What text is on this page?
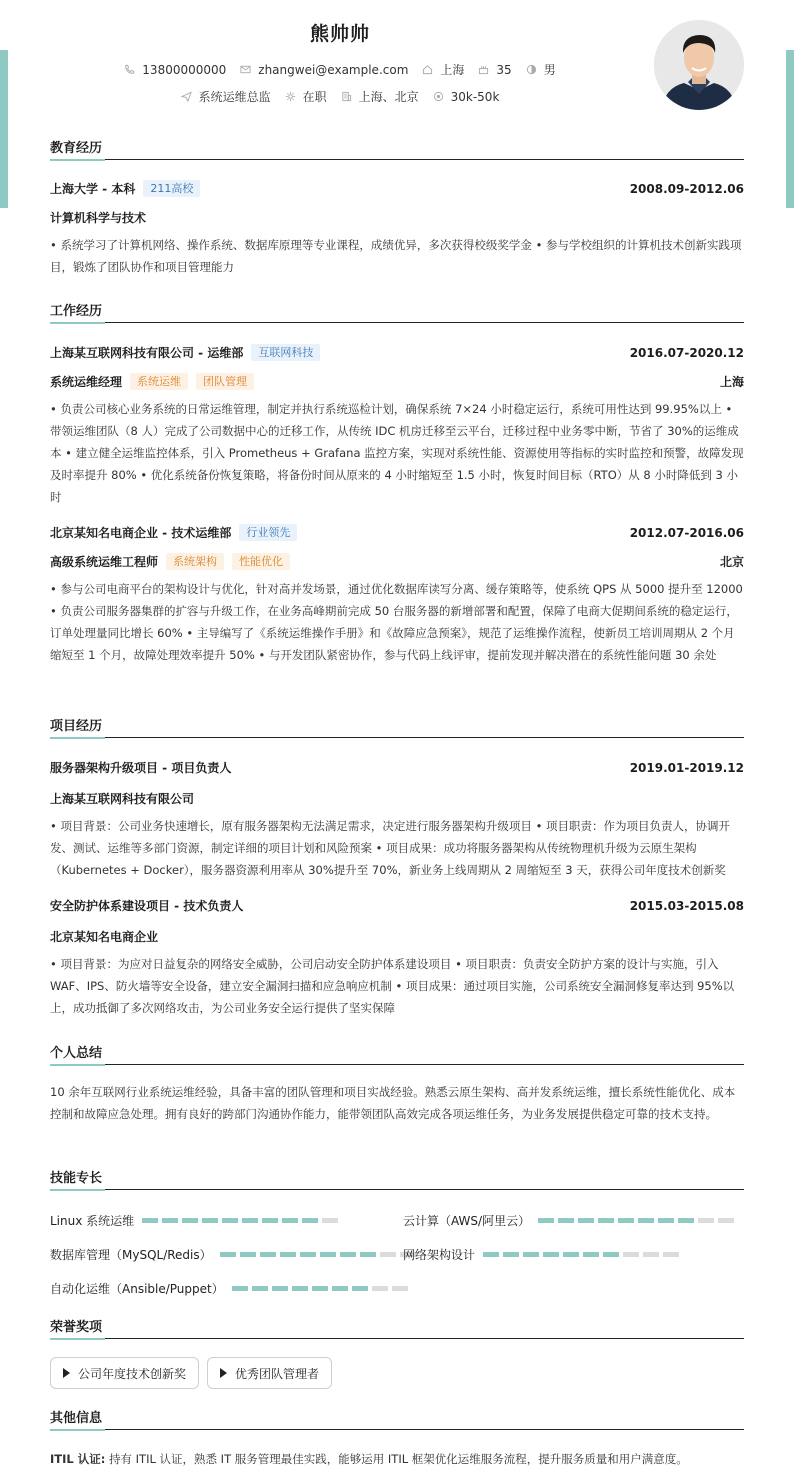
熊帅帅
13800000000	zhangwei@example.com	上海	35	男
系统运维总监	在职	上海、北京	30k-50k
教育经历
上海大学 - 本科	211高校	2008.09-2012.06
计算机科学与技术
• 系统学习了计算机网络、操作系统、数据库原理等专业课程，成绩优异，多次获得校级奖学金 • 参与学校组织的计算机技术创新实践项目，锻炼了团队协作和项目管理能力
工作经历
上海某互联网科技有限公司 - 运维部	互联网科技	2016.07-2020.12
系统运维经理	系统运维	团队管理	上海
• 负责公司核心业务系统的日常运维管理，制定并执行系统巡检计划，确保系统 7×24 小时稳定运行，系统可用性达到 99.95%以上 • 带领运维团队（8 人）完成了公司数据中心的迁移工作，从传统 IDC 机房迁移至云平台，迁移过程中业务零中断，节省了 30%的运维成本 • 建立健全运维监控体系，引入 Prometheus + Grafana 监控方案，实现对系统性能、资源使用等指标的实时监控和预警，故障发现及时率提升 80% • 优化系统备份恢复策略，将备份时间从原来的 4 小时缩短至 1.5 小时，恢复时间目标（RTO）从 8 小时降低到 3 小时
北京某知名电商企业 - 技术运维部	行业领先	2012.07-2016.06
高级系统运维工程师	系统架构	性能优化	北京
• 参与公司电商平台的架构设计与优化，针对高并发场景，通过优化数据库读写分离、缓存策略等，使系统 QPS 从 5000 提升至 12000 • 负责公司服务器集群的扩容与升级工作，在业务高峰期前完成 50 台服务器的新增部署和配置，保障了电商大促期间系统的稳定运行，订单处理量同比增长 60% • 主导编写了《系统运维操作手册》和《故障应急预案》，规范了运维操作流程，使新员工培训周期从 2 个月缩短至 1 个月，故障处理效率提升 50% • 与开发团队紧密协作，参与代码上线评审，提前发现并解决潜在的系统性能问题 30 余处
项目经历
服务器架构升级项目 - 项目负责人	2019.01-2019.12
上海某互联网科技有限公司
• 项目背景：公司业务快速增长，原有服务器架构无法满足需求，决定进行服务器架构升级项目 • 项目职责：作为项目负责人，协调开发、测试、运维等多部门资源，制定详细的项目计划和风险预案 • 项目成果：成功将服务器架构从传统物理机升级为云原生架构（Kubernetes + Docker），服务器资源利用率从 30%提升至 70%，新业务上线周期从 2 周缩短至 3 天，获得公司年度技术创新奖
安全防护体系建设项目 - 技术负责人	2015.03-2015.08
北京某知名电商企业
• 项目背景：为应对日益复杂的网络安全威胁，公司启动安全防护体系建设项目 • 项目职责：负责安全防护方案的设计与实施，引入 WAF、IPS、防火墙等安全设备，建立安全漏洞扫描和应急响应机制 • 项目成果：通过项目实施，公司系统安全漏洞修复率达到 95%以上，成功抵御了多次网络攻击，为公司业务安全运行提供了坚实保障
个人总结
10 余年互联网行业系统运维经验，具备丰富的团队管理和项目实战经验。熟悉云原生架构、高并发系统运维，擅长系统性能优化、成本控制和故障应急处理。拥有良好的跨部门沟通协作能力，能带领团队高效完成各项运维任务，为业务发展提供稳定可靠的技术支持。
技能专长
Linux 系统运维	云计算（AWS/阿里云）
数据库管理（MySQL/Redis）	网络架构设计
自动化运维（Ansible/Puppet）
荣誉奖项
公司年度技术创新奖	优秀团队管理者
其他信息
ITIL 认证: 持有 ITIL 认证，熟悉 IT 服务管理最佳实践，能够运用 ITIL 框架优化运维服务流程，提升服务质量和用户满意度。
